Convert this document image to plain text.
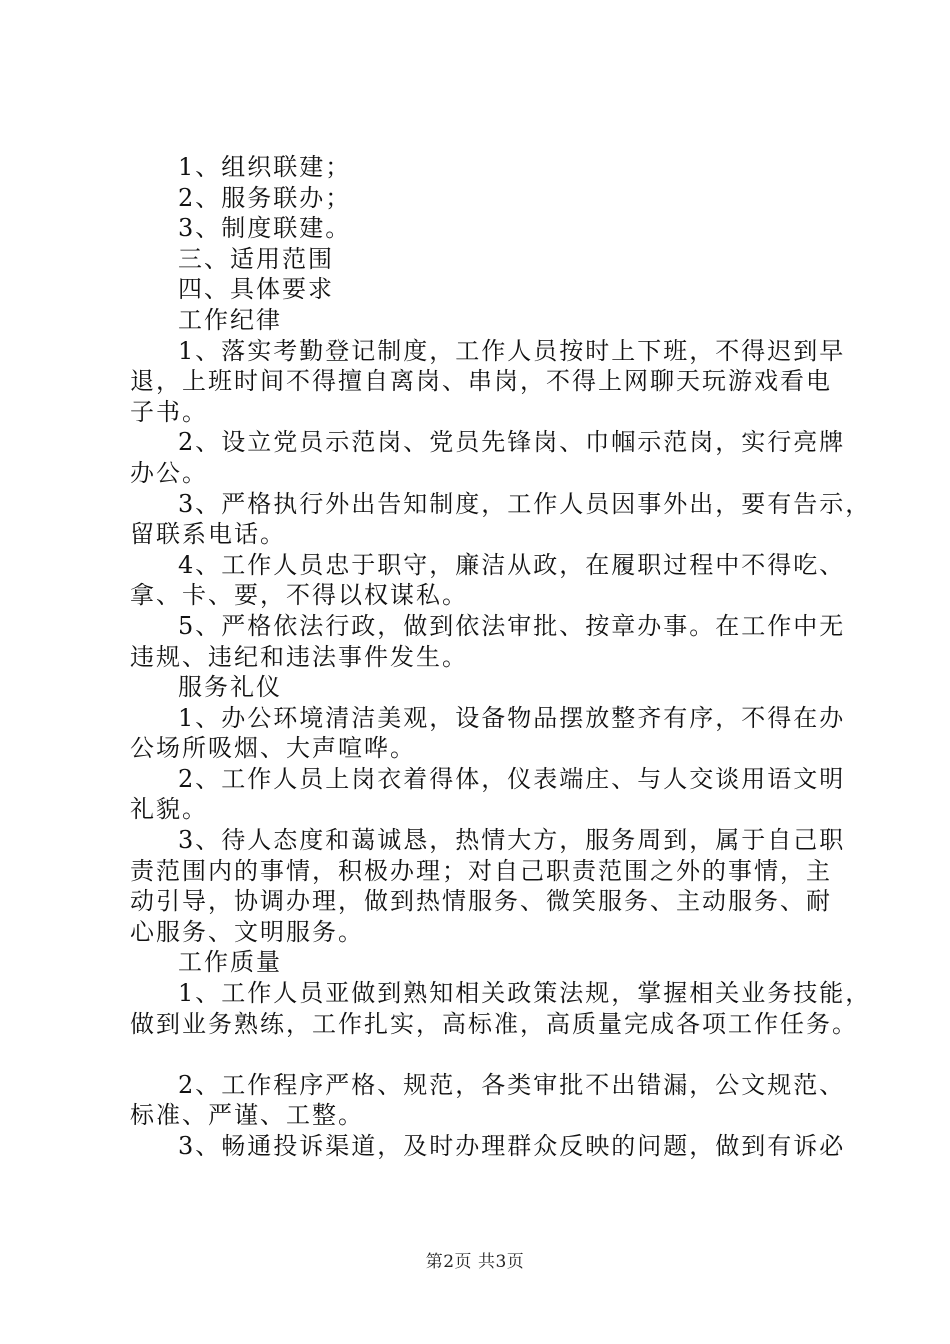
1、组织联建；
2、服务联办；
3、制度联建。
三、适用范围
四、具体要求
工作纪律
1、落实考勤登记制度，工作人员按时上下班，不得迟到早
退，上班时间不得擅自离岗、串岗，不得上网聊天玩游戏看电
子书。
2、设立党员示范岗、党员先锋岗、巾帼示范岗，实行亮牌
办公。
3、严格执行外出告知制度，工作人员因事外出，要有告示，
留联系电话。
4、工作人员忠于职守，廉洁从政，在履职过程中不得吃、
拿、卡、要，不得以权谋私。
5、严格依法行政，做到依法审批、按章办事。在工作中无
违规、违纪和违法事件发生。
服务礼仪
1、办公环境清洁美观，设备物品摆放整齐有序，不得在办
公场所吸烟、大声喧哗。
2、工作人员上岗衣着得体，仪表端庄、与人交谈用语文明
礼貌。
3、待人态度和蔼诚恳，热情大方，服务周到，属于自己职
责范围内的事情，积极办理；对自己职责范围之外的事情，主
动引导，协调办理，做到热情服务、微笑服务、主动服务、耐
心服务、文明服务。
工作质量
1、工作人员亚做到熟知相关政策法规，掌握相关业务技能，
做到业务熟练，工作扎实，高标准，高质量完成各项工作任务。
2、工作程序严格、规范，各类审批不出错漏，公文规范、
标准、严谨、工整。
3、畅通投诉渠道，及时办理群众反映的问题，做到有诉必
第2页 共3页
